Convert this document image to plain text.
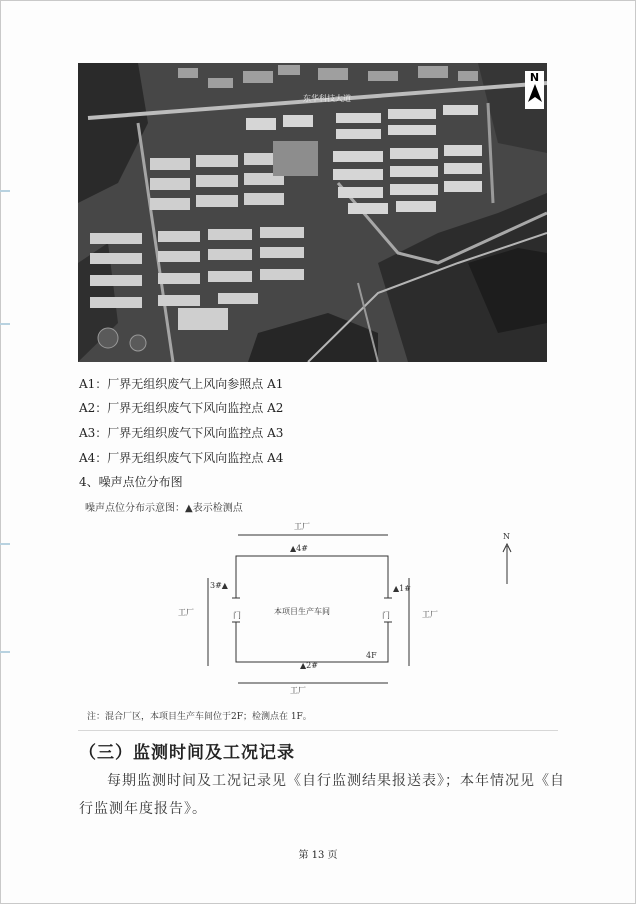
东华科技大道
N
A1：厂界无组织废气上风向参照点 A1
A2：厂界无组织废气下风向监控点 A2
A3：厂界无组织废气下风向监控点 A3
A4：厂界无组织废气下风向监控点 A4
4、噪声点位分布图
噪声点位分布示意图：▲表示检测点
工厂
▲4#
3#▲	▲1#
工厂	门	本项目生产车间	门	工厂
4F
▲2#
工厂
N
注：混合厂区，本项目生产车间位于2F；检测点在 1F。
（三）监测时间及工况记录
每期监测时间及工况记录见《自行监测结果报送表》；本年情况见《自行监测年度报告》。
第 13 页
